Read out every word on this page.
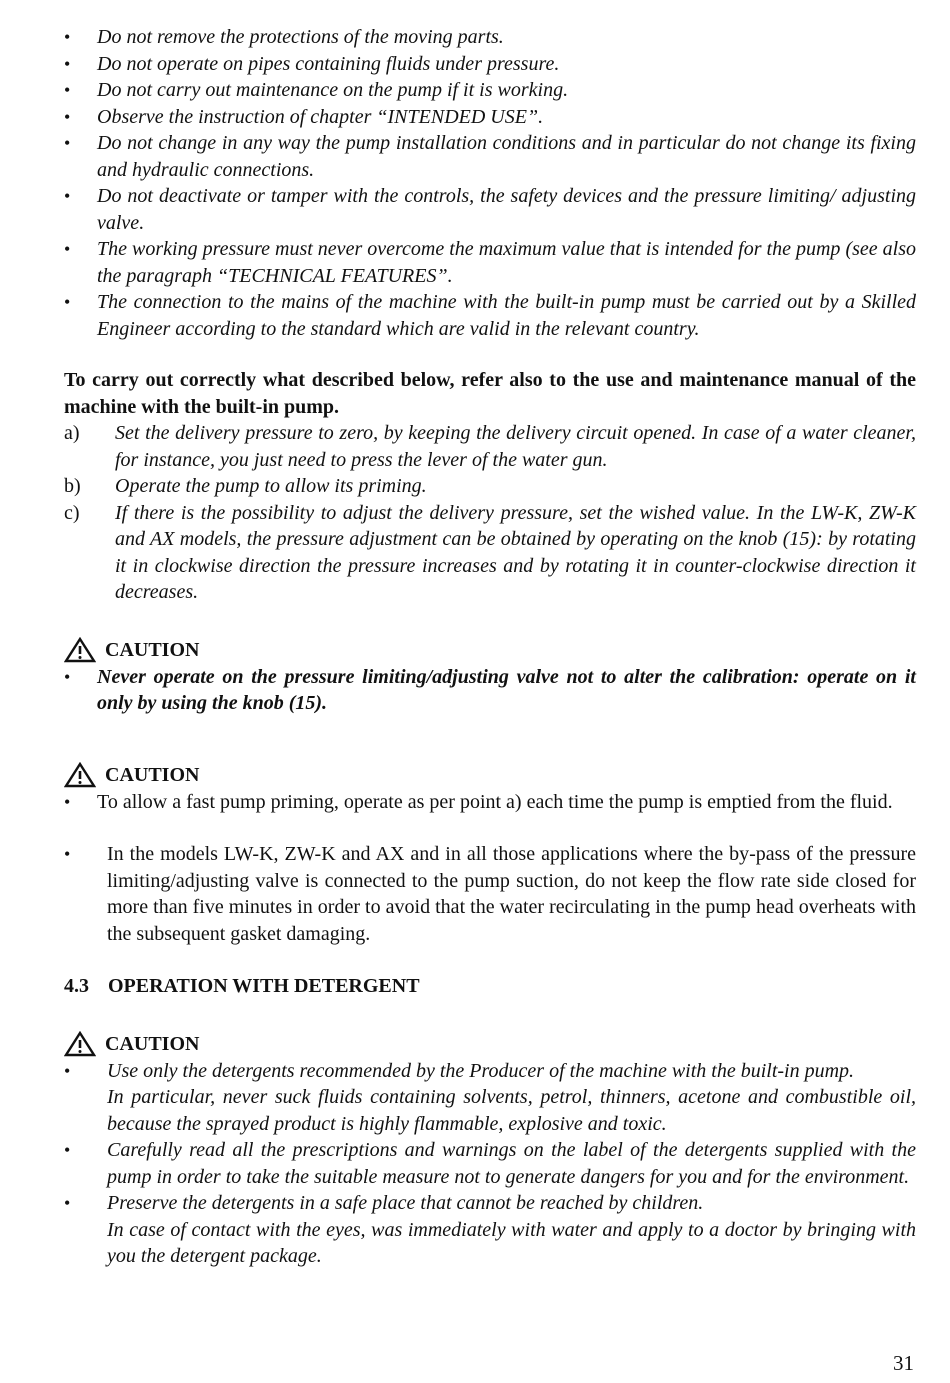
• Do not remove the protections of the moving parts.
• Do not operate on pipes containing fluids under pressure.
• Do not carry out maintenance on the pump if it is working.
• Observe the instruction of chapter “INTENDED USE”.
• Do not change in any way the pump installation conditions and in particular do not change its fixing and hydraulic connections.
• Do not deactivate or tamper with the controls, the safety devices and the pressure limiting/ adjusting valve.
• The working pressure must never overcome the maximum value that is intended for the pump (see also the paragraph “TECHNICAL FEATURES”.
• The connection to the mains of the machine with the built-in pump must be carried out by a Skilled Engineer according to the standard which are valid in the relevant country.
To carry out correctly what described below, refer also to the use and maintenance manual of the machine with the built-in pump.
a) Set the delivery pressure to zero, by keeping the delivery circuit opened. In case of a water cleaner, for instance, you just need to press the lever of the water gun.
b) Operate the pump to allow its priming.
c) If there is the possibility to adjust the delivery pressure, set the wished value. In the LW-K, ZW-K and AX models, the pressure adjustment can be obtained by operating on the knob (15): by rotating it in clockwise direction the pressure increases and by rotating it in counter-clockwise direction it decreases.
CAUTION
• Never operate on the pressure limiting/adjusting valve not to alter the calibration: operate on it only by using the knob (15).
CAUTION
• To allow a fast pump priming, operate as per point a) each time the pump is emptied from the fluid.
• In the models LW-K, ZW-K and AX and in all those applications where the by-pass of the pressure limiting/adjusting valve is connected to the pump suction, do not keep the flow rate side closed for more than five minutes in order to avoid that the water recirculating in the pump head overheats with the subsequent gasket damaging.
4.3 OPERATION WITH DETERGENT
CAUTION
• Use only the detergents recommended by the Producer of the machine with the built-in pump.
In particular, never suck fluids containing solvents, petrol, thinners, acetone and combustible oil, because the sprayed product is highly flammable, explosive and toxic.
• Carefully read all the prescriptions and warnings on the label of the detergents supplied with the pump in order to take the suitable measure not to generate dangers for you and for the environment.
• Preserve the detergents in a safe place that cannot be reached by children.
In case of contact with the eyes, was immediately with water and apply to a doctor by bringing with you the detergent package.
31
